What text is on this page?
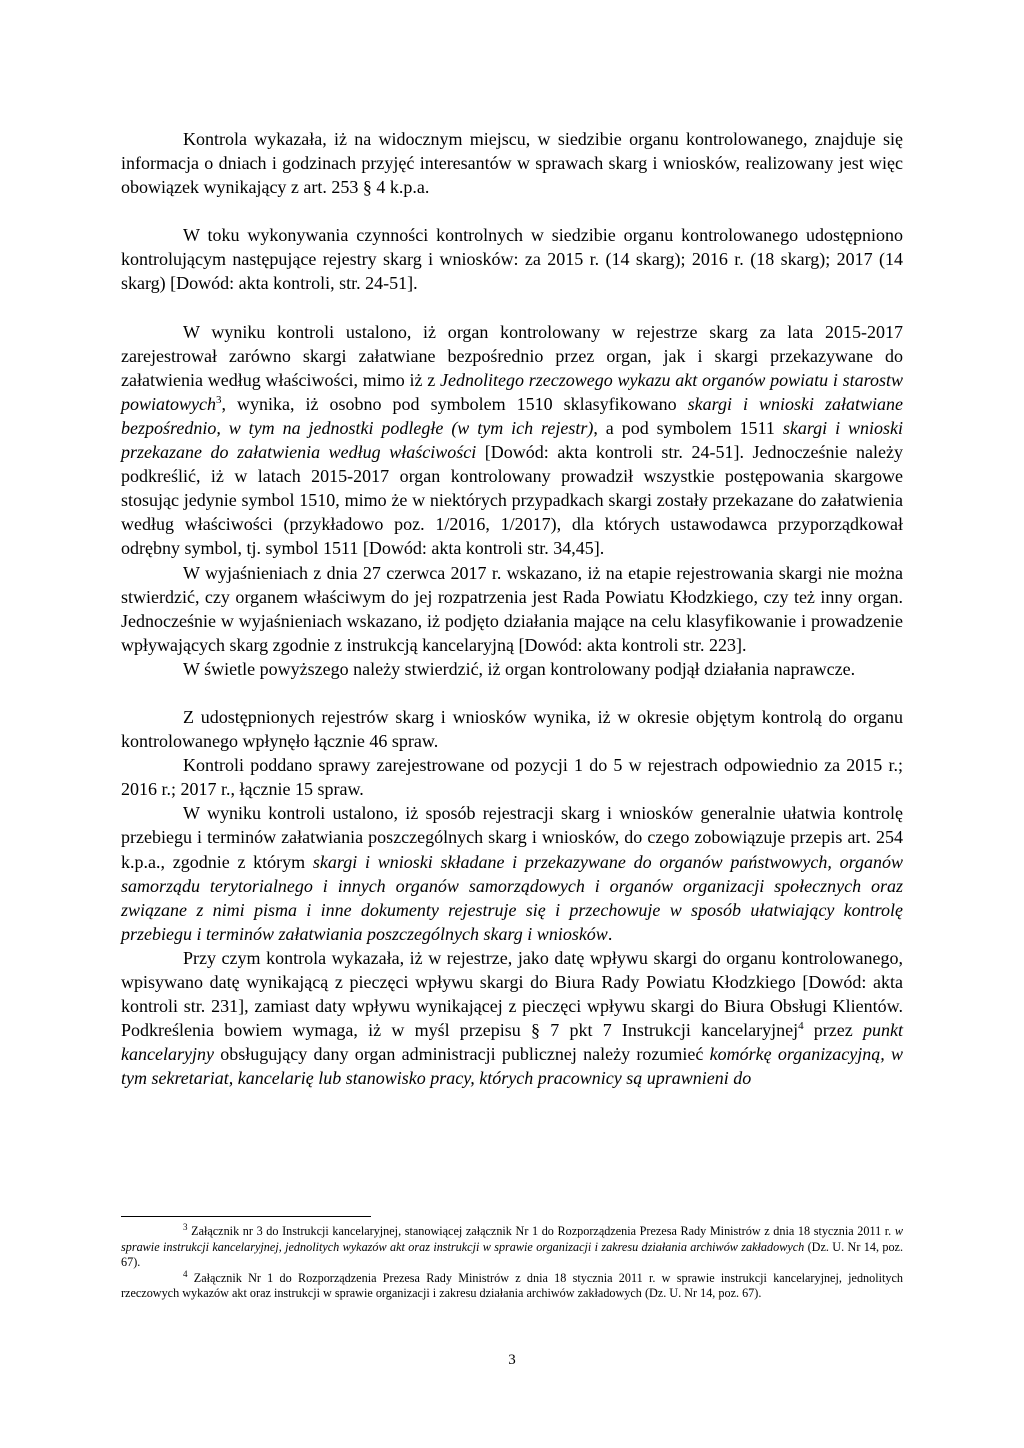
Kontrola wykazała, iż na widocznym miejscu, w siedzibie organu kontrolowanego, znajduje się informacja o dniach i godzinach przyjęć interesantów w sprawach skarg i wniosków, realizowany jest więc obowiązek wynikający z art. 253 § 4 k.p.a.

W toku wykonywania czynności kontrolnych w siedzibie organu kontrolowanego udostępniono kontrolującym następujące rejestry skarg i wniosków: za 2015 r. (14 skarg); 2016 r. (18 skarg); 2017 (14 skarg) [Dowód: akta kontroli, str. 24-51].

W wyniku kontroli ustalono, iż organ kontrolowany w rejestrze skarg za lata 2015-2017 zarejestrował zarówno skargi załatwiane bezpośrednio przez organ, jak i skargi przekazywane do załatwienia według właściwości, mimo iż z Jednolitego rzeczowego wykazu akt organów powiatu i starostw powiatowych$^3$, wynika, iż osobno pod symbolem 1510 sklasyfikowano skargi i wnioski załatwiane bezpośrednio, w tym na jednostki podległe (w tym ich rejestr), a pod symbolem 1511 skargi i wnioski przekazane do załatwienia według właściwości [Dowód: akta kontroli str. 24-51]. Jednocześnie należy podkreślić, iż w latach 2015-2017 organ kontrolowany prowadził wszystkie postępowania skargowe stosując jedynie symbol 1510, mimo że w niektórych przypadkach skargi zostały przekazane do załatwienia według właściwości (przykładowo poz. 1/2016, 1/2017), dla których ustawodawca przyporządkował odrębny symbol, tj. symbol 1511 [Dowód: akta kontroli str. 34,45].

W wyjaśnieniach z dnia 27 czerwca 2017 r. wskazano, iż na etapie rejestrowania skargi nie można stwierdzić, czy organem właściwym do jej rozpatrzenia jest Rada Powiatu Kłodzkiego, czy też inny organ. Jednocześnie w wyjaśnieniach wskazano, iż podjęto działania mające na celu klasyfikowanie i prowadzenie wpływających skarg zgodnie z instrukcją kancelaryjną [Dowód: akta kontroli str. 223].

W świetle powyższego należy stwierdzić, iż organ kontrolowany podjął działania naprawcze.

Z udostępnionych rejestrów skarg i wniosków wynika, iż w okresie objętym kontrolą do organu kontrolowanego wpłynęło łącznie 46 spraw.

Kontroli poddano sprawy zarejestrowane od pozycji 1 do 5 w rejestrach odpowiednio za 2015 r.; 2016 r.; 2017 r., łącznie 15 spraw.

W wyniku kontroli ustalono, iż sposób rejestracji skarg i wniosków generalnie ułatwia kontrolę przebiegu i terminów załatwiania poszczególnych skarg i wniosków, do czego zobowiązuje przepis art. 254 k.p.a., zgodnie z którym skargi i wnioski składane i przekazywane do organów państwowych, organów samorządu terytorialnego i innych organów samorządowych i organów organizacji społecznych oraz związane z nimi pisma i inne dokumenty rejestruje się i przechowuje w sposób ułatwiający kontrolę przebiegu i terminów załatwiania poszczególnych skarg i wniosków.

Przy czym kontrola wykazała, iż w rejestrze, jako datę wpływu skargi do organu kontrolowanego, wpisywano datę wynikającą z pieczęci wpływu skargi do Biura Rady Powiatu Kłodzkiego [Dowód: akta kontroli str. 231], zamiast daty wpływu wynikającej z pieczęci wpływu skargi do Biura Obsługi Klientów. Podkreślenia bowiem wymaga, iż w myśl przepisu § 7 pkt 7 Instrukcji kancelaryjnej$^4$ przez punkt kancelaryjny obsługujący dany organ administracji publicznej należy rozumieć komórkę organizacyjną, w tym sekretariat, kancelarię lub stanowisko pracy, których pracownicy są uprawnieni do

$^3$ Załącznik nr 3 do Instrukcji kancelaryjnej, stanowiącej załącznik Nr 1 do Rozporządzenia Prezesa Rady Ministrów z dnia 18 stycznia 2011 r. w sprawie instrukcji kancelaryjnej, jednolitych wykazów akt oraz instrukcji w sprawie organizacji i zakresu działania archiwów zakładowych (Dz. U. Nr 14, poz. 67).

$^4$ Załącznik Nr 1 do Rozporządzenia Prezesa Rady Ministrów z dnia 18 stycznia 2011 r. w sprawie instrukcji kancelaryjnej, jednolitych rzeczowych wykazów akt oraz instrukcji w sprawie organizacji i zakresu działania archiwów zakładowych (Dz. U. Nr 14, poz. 67).

3
